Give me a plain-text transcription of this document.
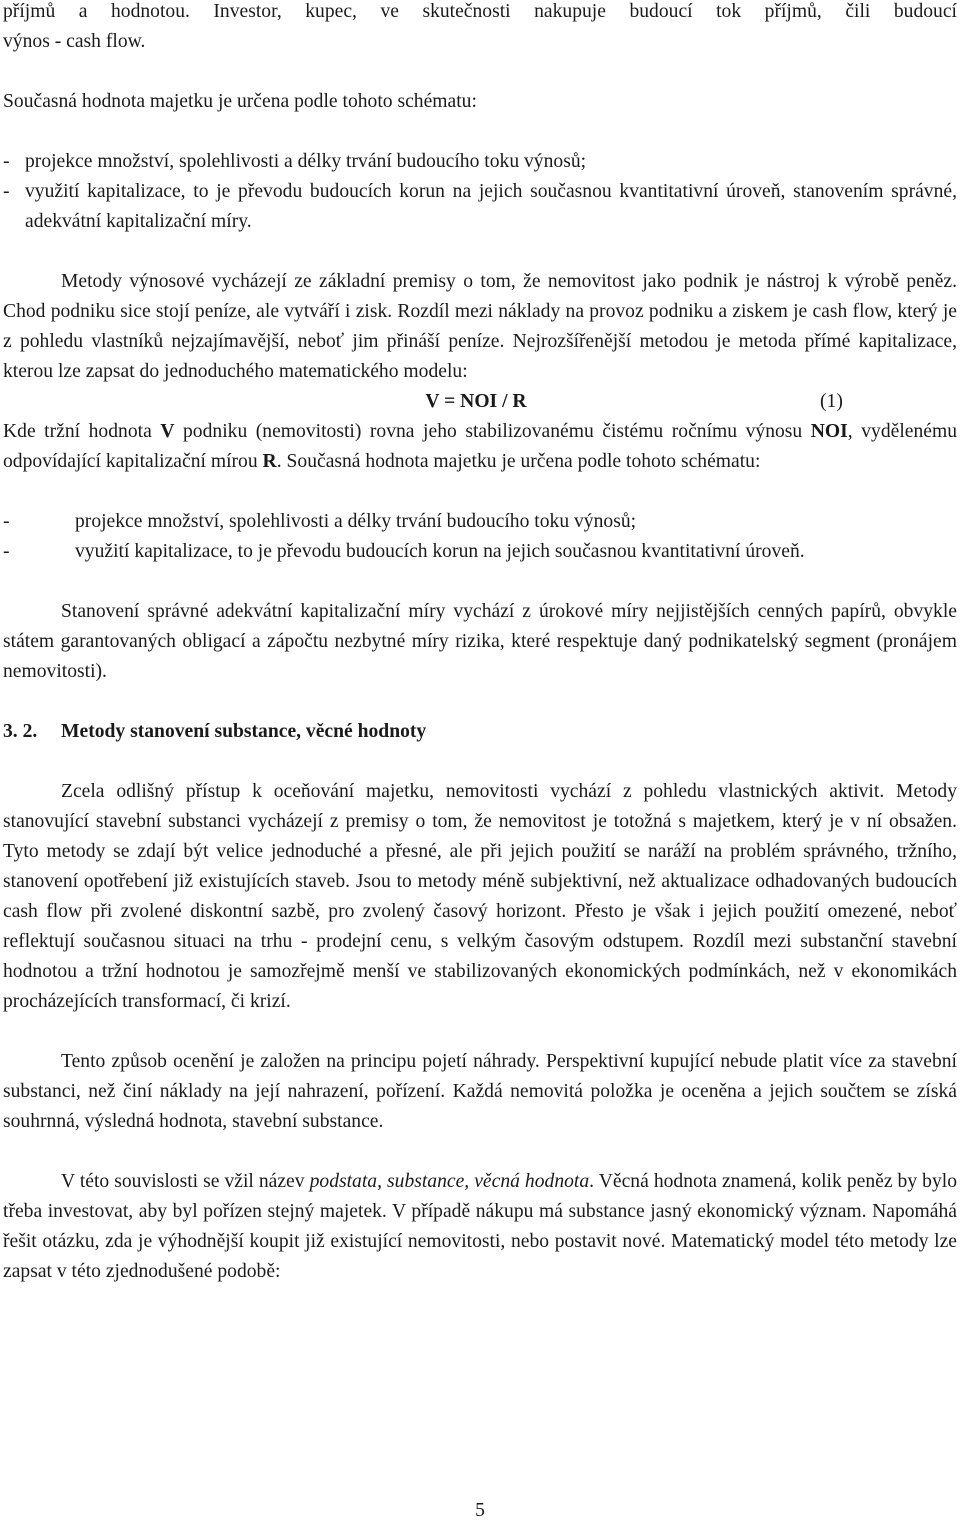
příjmů a hodnotou. Investor, kupec, ve skutečnosti nakupuje budoucí tok příjmů, čili budoucí

výnos - cash flow.

Současná hodnota majetku je určena podle tohoto schématu:

- projekce množství, spolehlivosti a délky trvání budoucího toku výnosů;
- využití kapitalizace, to je převodu budoucích korun na jejich současnou kvantitativní úroveň, stanovením správné, adekvátní kapitalizační míry.

Metody výnosové vycházejí ze základní premisy o tom, že nemovitost jako podnik je nástroj k výrobě peněz. Chod podniku sice stojí peníze, ale vytváří i zisk. Rozdíl mezi náklady na provoz podniku a ziskem je cash flow, který je z pohledu vlastníků nejzajímavější, neboť jim přináší peníze. Nejrozšířenější metodou je metoda přímé kapitalizace, kterou lze zapsat do jednoduchého matematického modelu:

V = NOI / R	(1)

Kde tržní hodnota V podniku (nemovitosti) rovna jeho stabilizovanému čistému ročnímu výnosu NOI, vydělenému odpovídající kapitalizační mírou R. Současná hodnota majetku je určena podle tohoto schématu:

-	projekce množství, spolehlivosti a délky trvání budoucího toku výnosů;
-	využití kapitalizace, to je převodu budoucích korun na jejich současnou kvantitativní úroveň.

Stanovení správné adekvátní kapitalizační míry vychází z úrokové míry nejjistějších cenných papírů, obvykle státem garantovaných obligací a zápočtu nezbytné míry rizika, které respektuje daný podnikatelský segment (pronájem nemovitosti).

3. 2. Metody stanovení substance, věcné hodnoty

Zcela odlišný přístup k oceňování majetku, nemovitosti vychází z pohledu vlastnických aktivit. Metody stanovující stavební substanci vycházejí z premisy o tom, že nemovitost je totožná s majetkem, který je v ní obsažen. Tyto metody se zdají být velice jednoduché a přesné, ale při jejich použití se naráží na problém správného, tržního, stanovení opotřebení již existujících staveb. Jsou to metody méně subjektivní, než aktualizace odhadovaných budoucích cash flow při zvolené diskontní sazbě, pro zvolený časový horizont. Přesto je však i jejich použití omezené, neboť reflektují současnou situaci na trhu - prodejní cenu, s velkým časovým odstupem. Rozdíl mezi substanční stavební hodnotou a tržní hodnotou je samozřejmě menší ve stabilizovaných ekonomických podmínkách, než v ekonomikách procházejících transformací, či krizí.

Tento způsob ocenění je založen na principu pojetí náhrady. Perspektivní kupující nebude platit více za stavební substanci, než činí náklady na její nahrazení, pořízení. Každá nemovitá položka je oceněna a jejich součtem se získá souhrnná, výsledná hodnota, stavební substance.

V této souvislosti se vžil název podstata, substance, věcná hodnota. Věcná hodnota znamená, kolik peněz by bylo třeba investovat, aby byl pořízen stejný majetek. V případě nákupu má substance jasný ekonomický význam. Napomáhá řešit otázku, zda je výhodnější koupit již existující nemovitosti, nebo postavit nové. Matematický model této metody lze zapsat v této zjednodušené podobě:

5
